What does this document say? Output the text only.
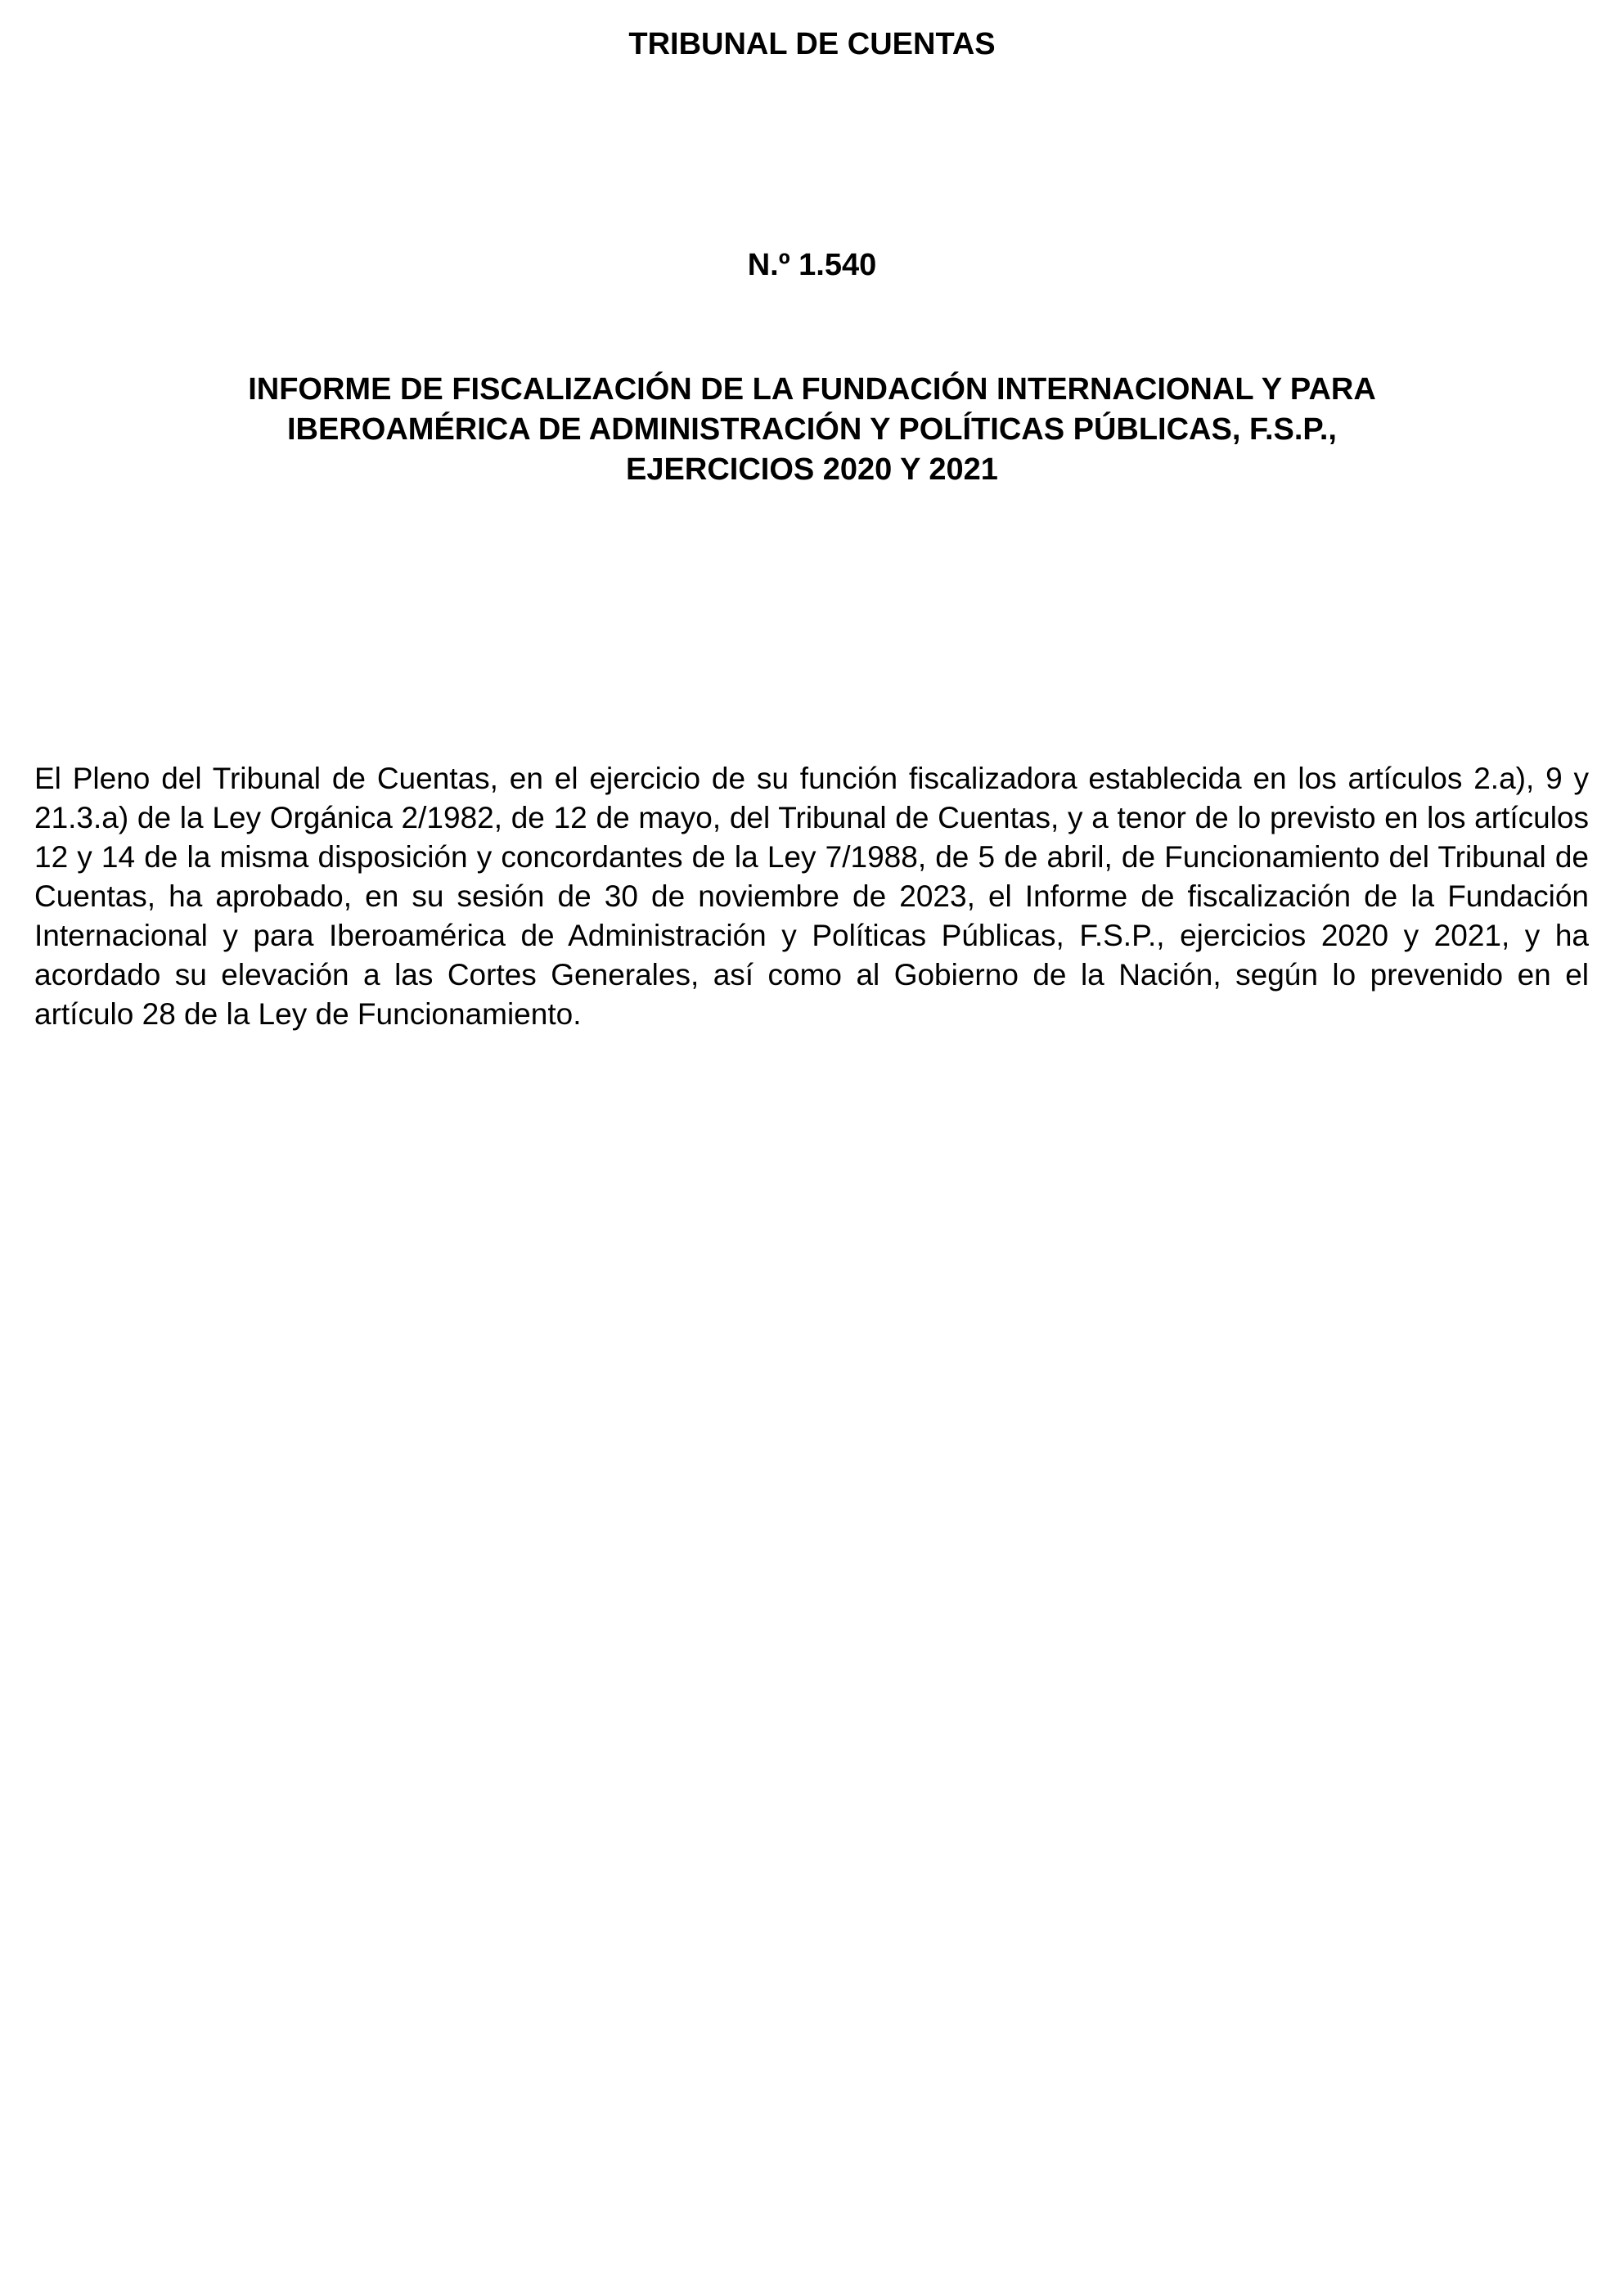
TRIBUNAL DE CUENTAS
N.º 1.540
INFORME DE FISCALIZACIÓN DE LA FUNDACIÓN INTERNACIONAL Y PARA
IBEROAMÉRICA DE ADMINISTRACIÓN Y POLÍTICAS PÚBLICAS, F.S.P.,
EJERCICIOS 2020 Y 2021

El Pleno del Tribunal de Cuentas, en el ejercicio de su función fiscalizadora establecida en los artículos 2.a), 9 y 21.3.a) de la Ley Orgánica 2/1982, de 12 de mayo, del Tribunal de Cuentas, y a tenor de lo previsto en los artículos 12 y 14 de la misma disposición y concordantes de la Ley 7/1988, de 5 de abril, de Funcionamiento del Tribunal de Cuentas, ha aprobado, en su sesión de 30 de noviembre de 2023, el Informe de fiscalización de la Fundación Internacional y para Iberoamérica de Administración y Políticas Públicas, F.S.P., ejercicios 2020 y 2021, y ha acordado su elevación a las Cortes Generales, así como al Gobierno de la Nación, según lo prevenido en el artículo 28 de la Ley de Funcionamiento.
